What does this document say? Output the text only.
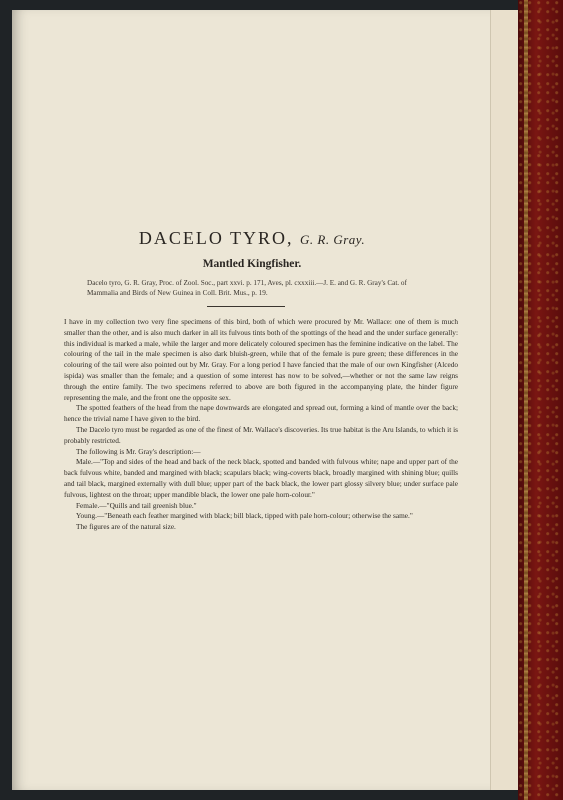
DACELO TYRO, G. R. Gray.
Mantled Kingfisher.
Dacelo tyro, G. R. Gray, Proc. of Zool. Soc., part xxvi. p. 171, Aves, pl. cxxxiii.—J. E. and G. R. Gray's Cat. of Mammalia and Birds of New Guinea in Coll. Brit. Mus., p. 19.

I have in my collection two very fine specimens of this bird, both of which were procured by Mr. Wallace: one of them is much smaller than the other, and is also much darker in all its fulvous tints both of the spottings of the head and the under surface generally: this individual is marked a male, while the larger and more delicately coloured specimen has the feminine indicative on the label. The colouring of the tail in the male specimen is also dark bluish-green, while that of the female is pure green; these differences in the colouring of the tail were also pointed out by Mr. Gray. For a long period I have fancied that the male of our own Kingfisher (Alcedo ispida) was smaller than the female; and a question of some interest has now to be solved,—whether or not the same law reigns through the entire family. The two specimens referred to above are both figured in the accompanying plate, the hinder figure representing the male, and the front one the opposite sex.

The spotted feathers of the head from the nape downwards are elongated and spread out, forming a kind of mantle over the back; hence the trivial name I have given to the bird.

The Dacelo tyro must be regarded as one of the finest of Mr. Wallace's discoveries. Its true habitat is the Aru Islands, to which it is probably restricted.

The following is Mr. Gray's description:—

Male.—"Top and sides of the head and back of the neck black, spotted and banded with fulvous white; nape and upper part of the back fulvous white, banded and margined with black; scapulars black; wing-coverts black, broadly margined with shining blue; quills and tail black, margined externally with dull blue; upper part of the back black, the lower part glossy silvery blue; under surface pale fulvous, lightest on the throat; upper mandible black, the lower one pale horn-colour."

Female.—"Quills and tail greenish blue."

Young.—"Beneath each feather margined with black; bill black, tipped with pale horn-colour; otherwise the same."

The figures are of the natural size.
